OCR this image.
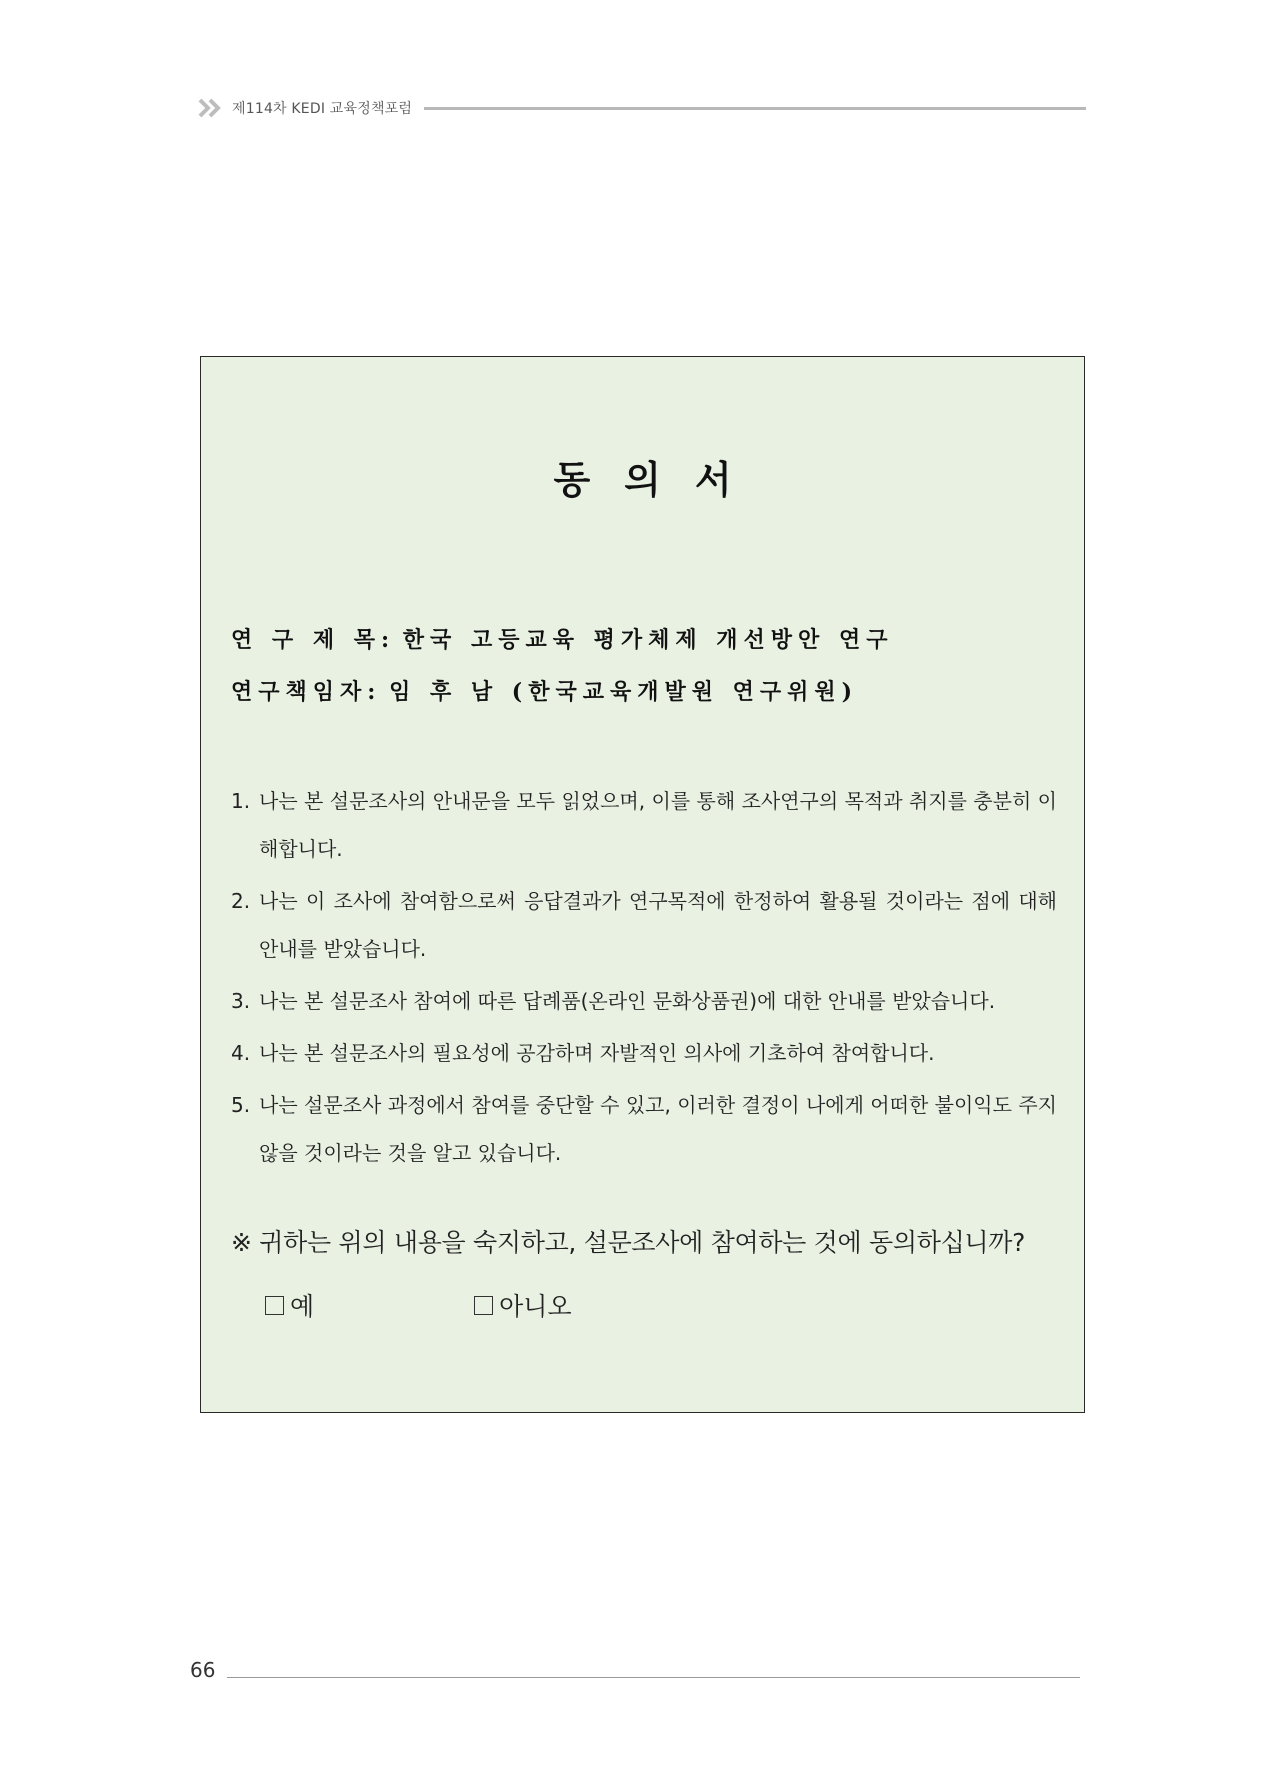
제114차 KEDI 교육정책포럼
동의서
연 구 제 목: 한국 고등교육 평가체제 개선방안 연구
연구책임자: 임 후 남 (한국교육개발원 연구위원)
1. 나는 본 설문조사의 안내문을 모두 읽었으며, 이를 통해 조사연구의 목적과 취지를 충분히 이해합니다.
2. 나는 이 조사에 참여함으로써 응답결과가 연구목적에 한정하여 활용될 것이라는 점에 대해 안내를 받았습니다.
3. 나는 본 설문조사 참여에 따른 답례품(온라인 문화상품권)에 대한 안내를 받았습니다.
4. 나는 본 설문조사의 필요성에 공감하며 자발적인 의사에 기초하여 참여합니다.
5. 나는 설문조사 과정에서 참여를 중단할 수 있고, 이러한 결정이 나에게 어떠한 불이익도 주지 않을 것이라는 것을 알고 있습니다.
※ 귀하는 위의 내용을 숙지하고, 설문조사에 참여하는 것에 동의하십니까?
예	아니오
66
